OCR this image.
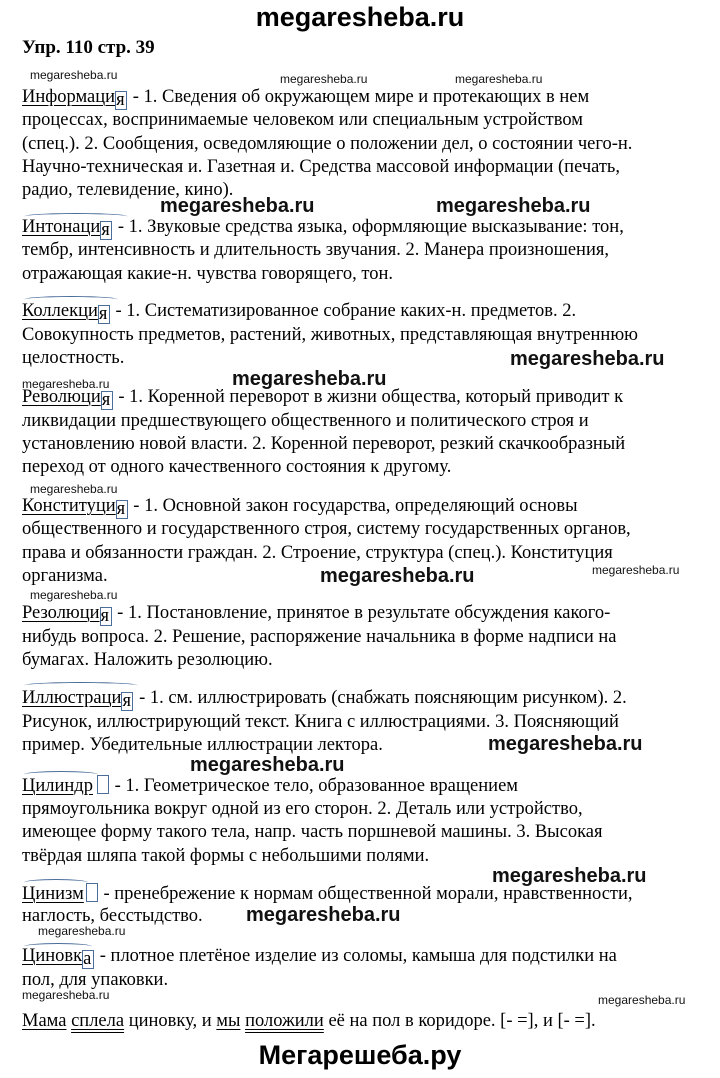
megaresheba.ru
Упр. 110 стр. 39
megaresheba.ru	megaresheba.ru	megaresheba.ru
megaresheba.ru
megaresheba.ru
megaresheba.ru
megaresheba.ru
megaresheba.ru
megaresheba.ru	megaresheba.ru
megaresheba.ru	megaresheba.ru
megaresheba.ru
megaresheba.ru
megaresheba.ru
megaresheba.ru
megaresheba.ru
megaresheba.ru
megaresheba.ru
Информация - 1. Сведения об окружающем мире и протекающих в нем
процессах, воспринимаемые человеком или специальным устройством
(спец.). 2. Сообщения, осведомляющие о положении дел, о состоянии чего-н.
Научно-техническая и. Газетная и. Средства массовой информации (печать,
радио, телевидение, кино).
Интонация - 1. Звуковые средства языка, оформляющие высказывание: тон,
тембр, интенсивность и длительность звучания. 2. Манера произношения,
отражающая какие-н. чувства говорящего, тон.
Коллекция - 1. Систематизированное собрание каких-н. предметов. 2.
Совокупность предметов, растений, животных, представляющая внутреннюю
целостность.
Революция - 1. Коренной переворот в жизни общества, который приводит к
ликвидации предшествующего общественного и политического строя и
установлению новой власти. 2. Коренной переворот, резкий скачкообразный
переход от одного качественного состояния к другому.
Конституция - 1. Основной закон государства, определяющий основы
общественного и государственного строя, систему государственных органов,
права и обязанности граждан. 2. Строение, структура (спец.). Конституция
организма.
Резолюция - 1. Постановление, принятое в результате обсуждения какого-
нибудь вопроса. 2. Решение, распоряжение начальника в форме надписи на
бумагах. Наложить резолюцию.
Иллюстрация - 1. см. иллюстрировать (снабжать поясняющим рисунком). 2.
Рисунок, иллюстрирующий текст. Книга с иллюстрациями. 3. Поясняющий
пример. Убедительные иллюстрации лектора.
Цилиндр - 1. Геометрическое тело, образованное вращением
прямоугольника вокруг одной из его сторон. 2. Деталь или устройство,
имеющее форму такого тела, напр. часть поршневой машины. 3. Высокая
твёрдая шляпа такой формы с небольшими полями.
Цинизм - пренебрежение к нормам общественной морали, нравственности,
наглость, бесстыдство.
Циновка - плотное плетёное изделие из соломы, камыша для подстилки на
пол, для упаковки.
Мама сплела циновку, и мы положили её на пол в коридоре. [- =], и [- =].
Мегарешеба.ру
